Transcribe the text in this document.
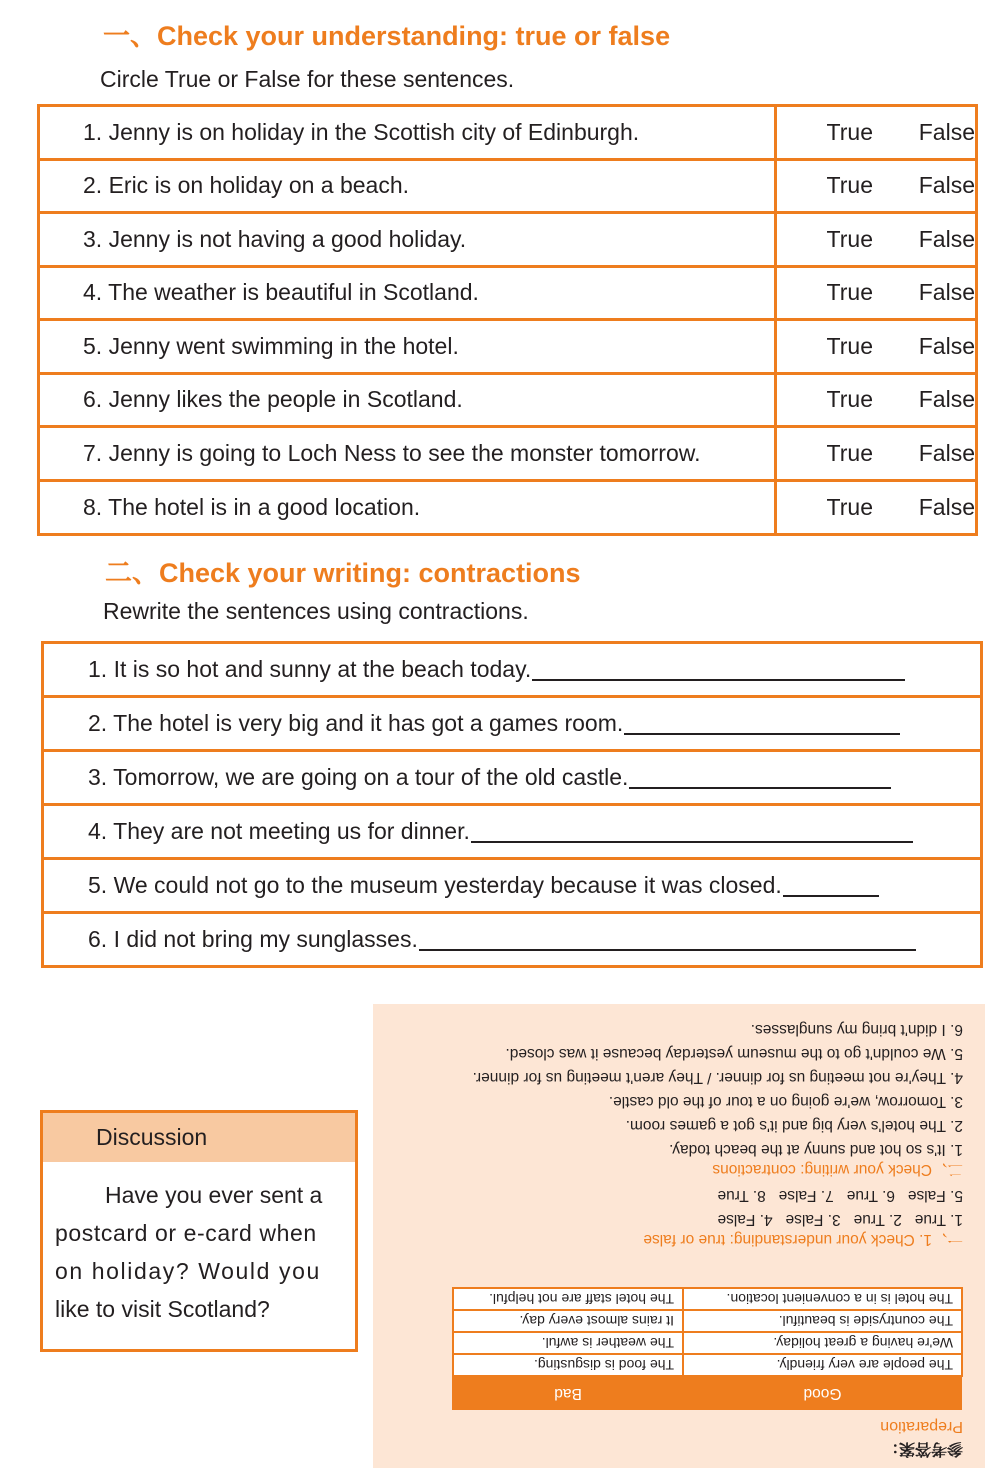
一、Check your understanding: true or false
Circle True or False for these sentences.
1. Jenny is on holiday in the Scottish city of Edinburgh.	True	False
2. Eric is on holiday on a beach.	True	False
3. Jenny is not having a good holiday.	True	False
4. The weather is beautiful in Scotland.	True	False
5. Jenny went swimming in the hotel.	True	False
6. Jenny likes the people in Scotland.	True	False
7. Jenny is going to Loch Ness to see the monster tomorrow.	True	False
8. The hotel is in a good location.	True	False
二、Check your writing: contractions
Rewrite the sentences using contractions.
1. It is so hot and sunny at the beach today.
2. The hotel is very big and it has got a games room.
3. Tomorrow, we are going on a tour of the old castle.
4. They are not meeting us for dinner.
5. We could not go to the museum yesterday because it was closed.
6. I did not bring my sunglasses.
Discussion
Have you ever sent a
postcard or e-card when
on holiday? Would you
like to visit Scotland?
参考答案：
Preparation
Good	Bad
The people are very friendly.	The food is disgusting.
We're having a great holiday.	The weather is awful.
The countryside is beautiful.	It rains almost every day.
The hotel is in a convenient location.	The hotel staff are not helpful.
一、1. Check your understanding: true or false
1. True   2. True   3. False   4. False
5. False   6. True   7. False   8. True
二、Check your writing: contractions
1. It's so hot and sunny at the beach today.
2. The hotel's very big and it's got a games room.
3. Tomorrow, we're going on a tour of the old castle.
4. They're not meeting us for dinner. / They aren't meeting us for dinner.
5. We couldn't go to the museum yesterday because it was closed.
6. I didn't bring my sunglasses.
